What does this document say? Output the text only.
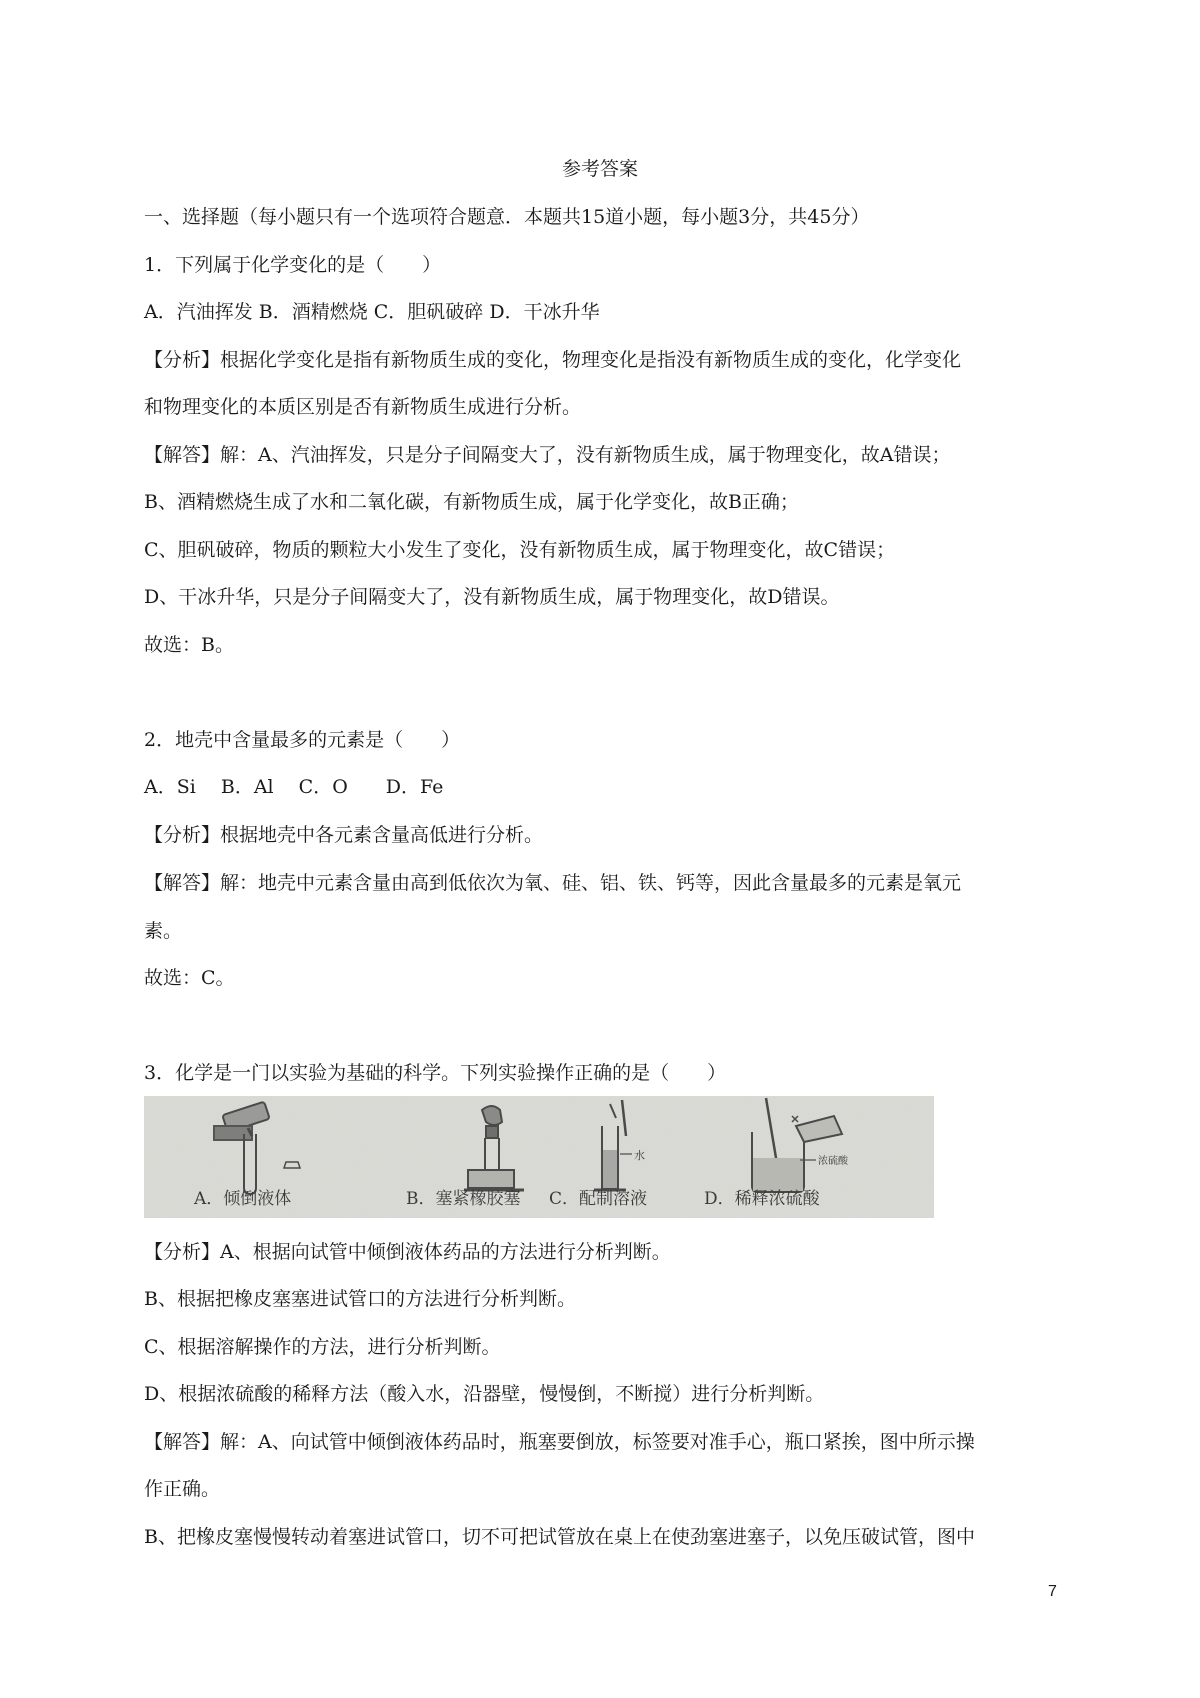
参考答案

一、选择题（每小题只有一个选项符合题意．本题共15道小题，每小题3分，共45分）

1．下列属于化学变化的是（　　）

A．汽油挥发 B．酒精燃烧 C．胆矾破碎 D．干冰升华

【分析】根据化学变化是指有新物质生成的变化，物理变化是指没有新物质生成的变化，化学变化

和物理变化的本质区别是否有新物质生成进行分析。

【解答】解：A、汽油挥发，只是分子间隔变大了，没有新物质生成，属于物理变化，故A错误；

B、酒精燃烧生成了水和二氧化碳，有新物质生成，属于化学变化，故B正确；

C、胆矾破碎，物质的颗粒大小发生了变化，没有新物质生成，属于物理变化，故C错误；

D、干冰升华，只是分子间隔变大了，没有新物质生成，属于物理变化，故D错误。

故选：B。

2．地壳中含量最多的元素是（　　）

A．Si　 B．Al　 C．O　　D．Fe

【分析】根据地壳中各元素含量高低进行分析。

【解答】解：地壳中元素含量由高到低依次为氧、硅、铝、铁、钙等，因此含量最多的元素是氧元

素。

故选：C。

3．化学是一门以实验为基础的科学。下列实验操作正确的是（　　）

A．倾倒液体	B．塞紧橡胶塞
水
C．配制溶液
浓硫酸
D．稀释浓硫酸

【分析】A、根据向试管中倾倒液体药品的方法进行分析判断。

B、根据把橡皮塞塞进试管口的方法进行分析判断。

C、根据溶解操作的方法，进行分析判断。

D、根据浓硫酸的稀释方法（酸入水，沿器壁，慢慢倒，不断搅）进行分析判断。

【解答】解：A、向试管中倾倒液体药品时，瓶塞要倒放，标签要对准手心，瓶口紧挨，图中所示操

作正确。

B、把橡皮塞慢慢转动着塞进试管口，切不可把试管放在桌上在使劲塞进塞子，以免压破试管，图中

7
